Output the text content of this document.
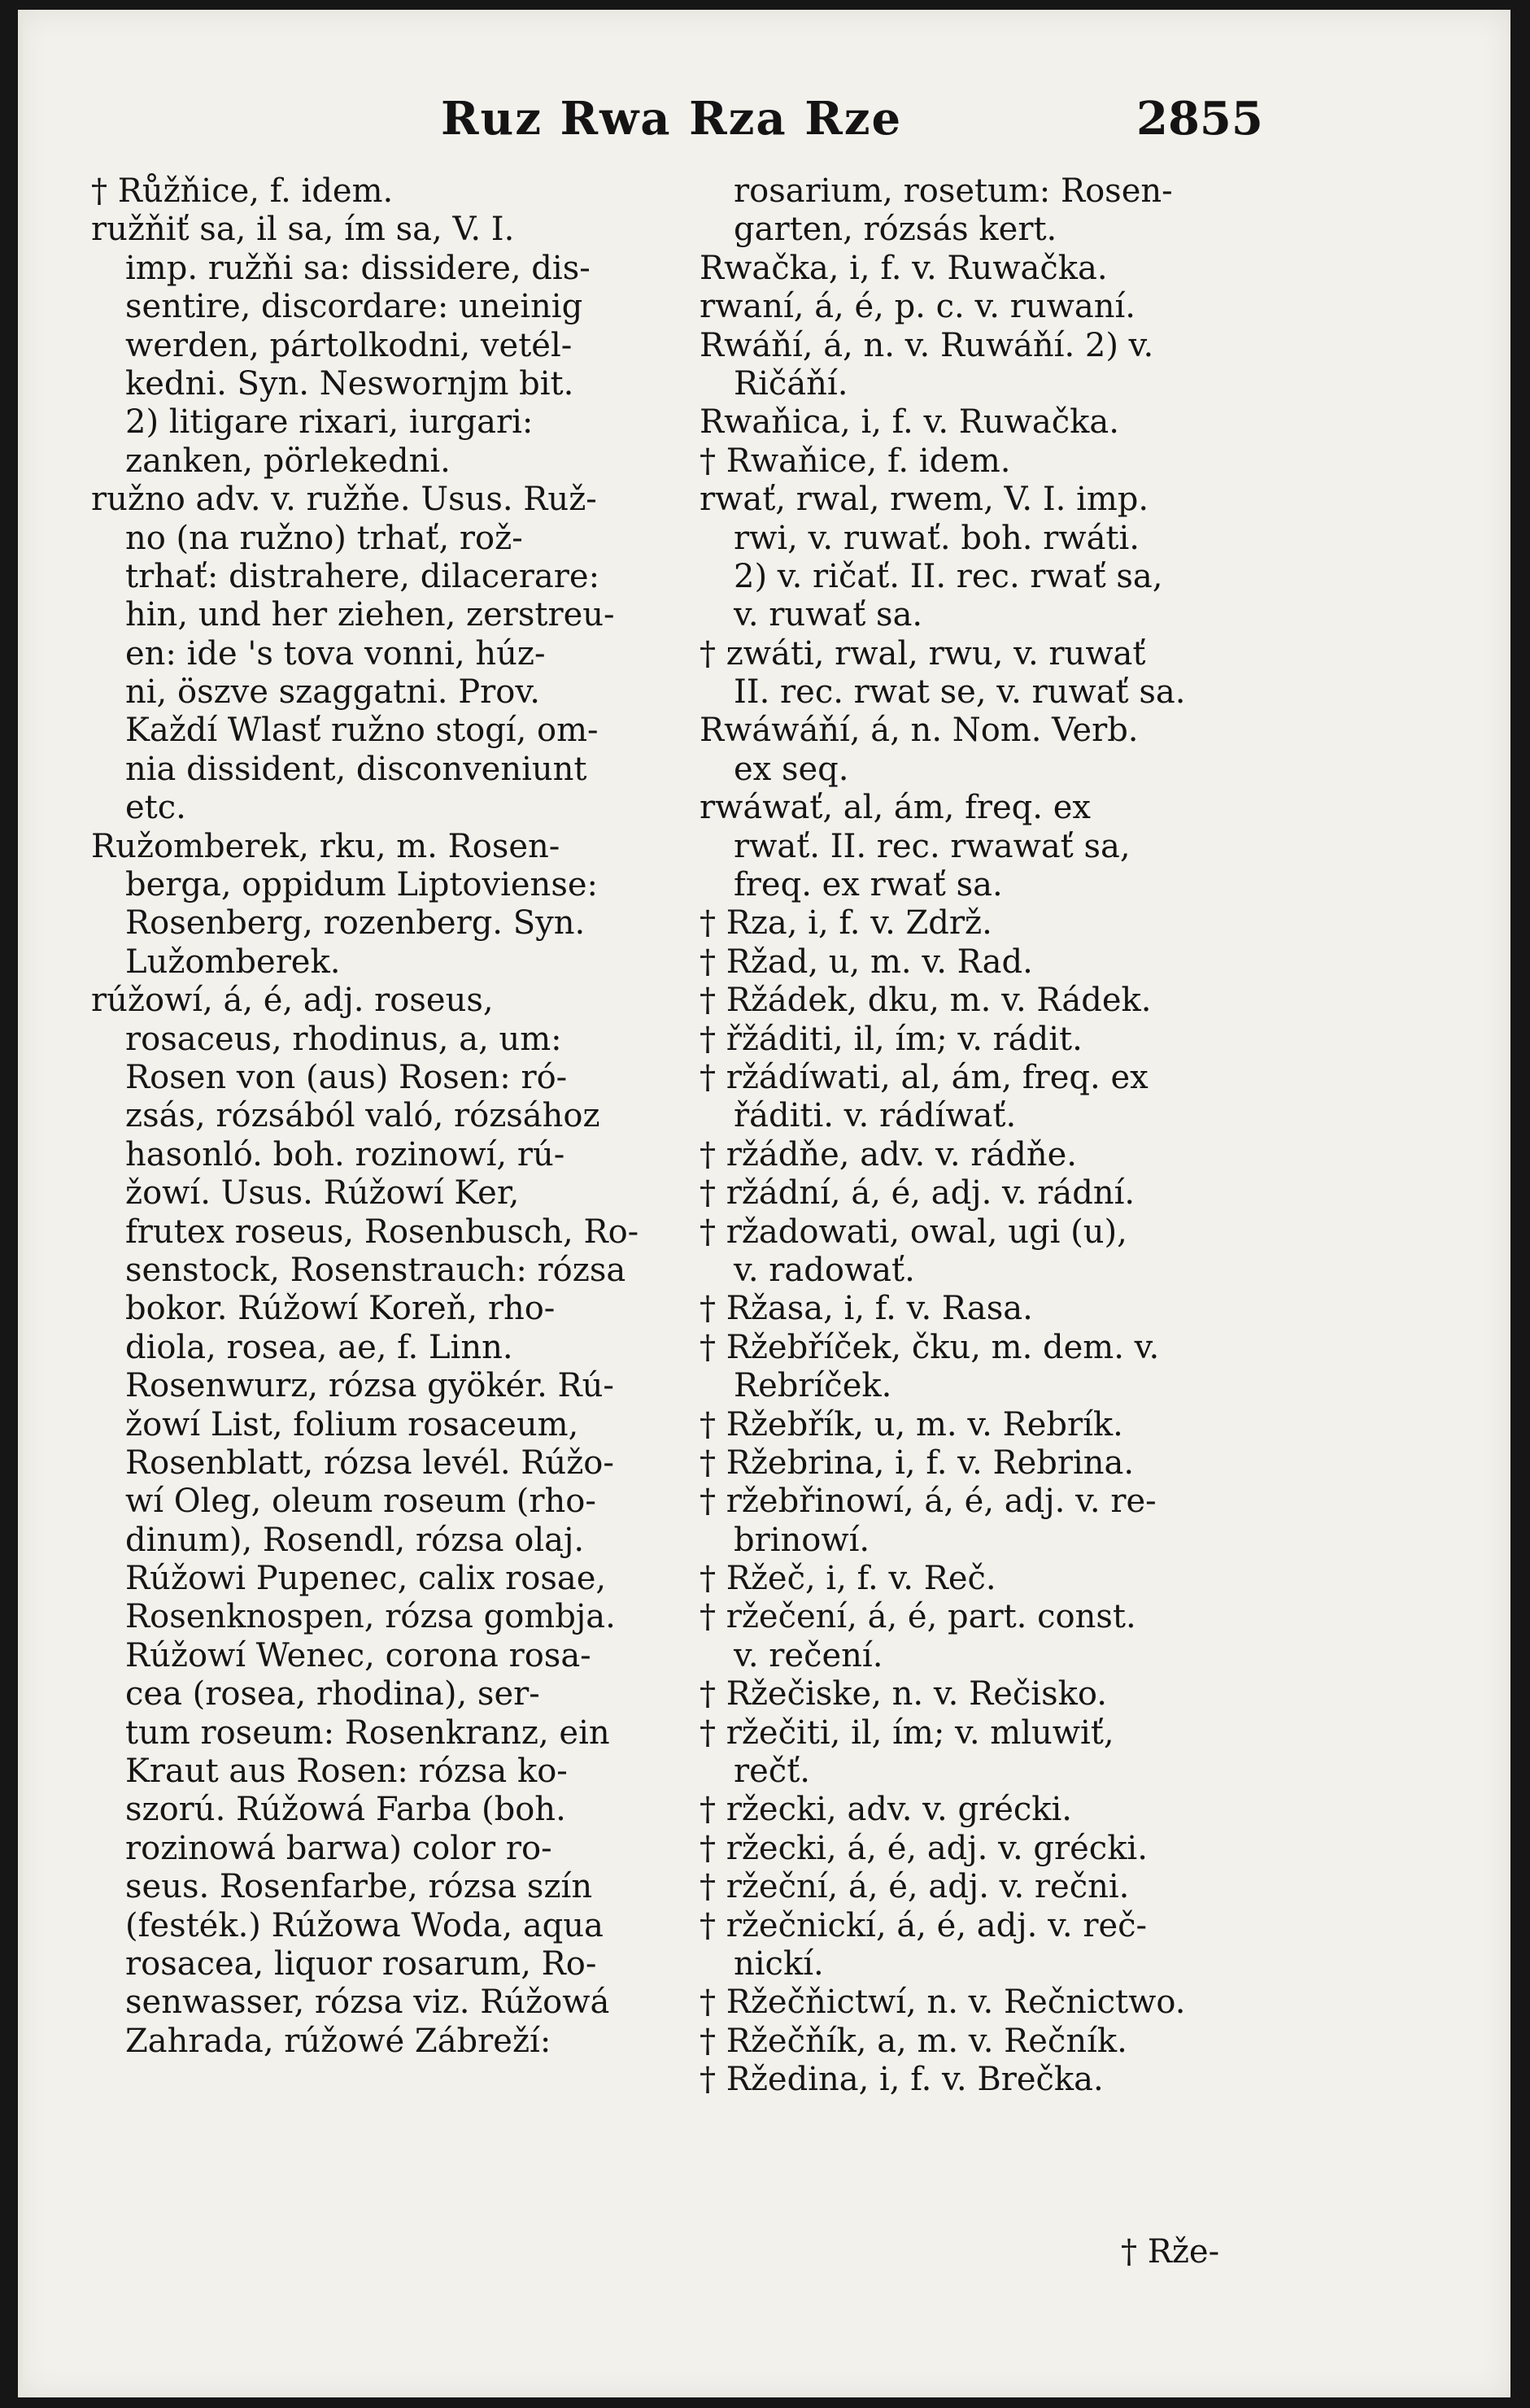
Ruz Rwa Rza Rze	2855
† Růžňice, f. idem.
ružňiť sa, il sa, ím sa, V. I.
imp. ružňi sa: dissidere, dis-
sentire, discordare: uneinig
werden, pártolkodni, vetél-
kedni. Syn. Neswornjm bit.
2) litigare rixari, iurgari:
zanken, pörlekedni.
ružno adv. v. ružňe. Usus. Ruž-
no (na ružno) trhať, rož-
trhať: distrahere, dilacerare:
hin, und her ziehen, zerstreu-
en: ide 's tova vonni, húz-
ni, öszve szaggatni. Prov.
Každí Wlasť ružno stogí, om-
nia dissident, disconveniunt
etc.
Ružomberek, rku, m. Rosen-
berga, oppidum Liptoviense:
Rosenberg, rozenberg. Syn.
Lužomberek.
rúžowí, á, é, adj. roseus,
rosaceus, rhodinus, a, um:
Rosen von (aus) Rosen: ró-
zsás, rózsából való, rózsához
hasonló. boh. rozinowí, rú-
žowí. Usus. Rúžowí Ker,
frutex roseus, Rosenbusch, Ro-
senstock, Rosenstrauch: rózsa
bokor. Rúžowí Koreň, rho-
diola, rosea, ae, f. Linn.
Rosenwurz, rózsa gyökér. Rú-
žowí List, folium rosaceum,
Rosenblatt, rózsa levél. Rúžo-
wí Oleg, oleum roseum (rho-
dinum), Rosendl, rózsa olaj.
Rúžowi Pupenec, calix rosae,
Rosenknospen, rózsa gombja.
Rúžowí Wenec, corona rosa-
cea (rosea, rhodina), ser-
tum roseum: Rosenkranz, ein
Kraut aus Rosen: rózsa ko-
szorú. Rúžowá Farba (boh.
rozinowá barwa) color ro-
seus. Rosenfarbe, rózsa szín
(festék.) Rúžowa Woda, aqua
rosacea, liquor rosarum, Ro-
senwasser, rózsa viz. Rúžowá
Zahrada, rúžowé Zábreží:
rosarium, rosetum: Rosen-
garten, rózsás kert.
Rwačka, i, f. v. Ruwačka.
rwaní, á, é, p. c. v. ruwaní.
Rwáňí, á, n. v. Ruwáňí. 2) v.
Ričáňí.
Rwaňica, i, f. v. Ruwačka.
† Rwaňice, f. idem.
rwať, rwal, rwem, V. I. imp.
rwi, v. ruwať. boh. rwáti.
2) v. ričať. II. rec. rwať sa,
v. ruwať sa.
† zwáti, rwal, rwu, v. ruwať
II. rec. rwat se, v. ruwať sa.
Rwáwáňí, á, n. Nom. Verb.
ex seq.
rwáwať, al, ám, freq. ex
rwať. II. rec. rwawať sa,
freq. ex rwať sa.
† Rza, i, f. v. Zdrž.
† Ržad, u, m. v. Rad.
† Ržádek, dku, m. v. Rádek.
† řžáditi, il, ím; v. rádit.
† ržádíwati, al, ám, freq. ex
řáditi. v. rádíwať.
† ržádňe, adv. v. rádňe.
† ržádní, á, é, adj. v. rádní.
† ržadowati, owal, ugi (u),
v. radowať.
† Ržasa, i, f. v. Rasa.
† Ržebříček, čku, m. dem. v.
Rebríček.
† Ržebřík, u, m. v. Rebrík.
† Ržebrina, i, f. v. Rebrina.
† ržebřinowí, á, é, adj. v. re-
brinowí.
† Ržeč, i, f. v. Reč.
† ržečení, á, é, part. const.
v. rečení.
† Ržečiske, n. v. Rečisko.
† ržečiti, il, ím; v. mluwiť,
rečť.
† ržecki, adv. v. grécki.
† ržecki, á, é, adj. v. grécki.
† ržeční, á, é, adj. v. rečni.
† ržečnickí, á, é, adj. v. reč-
nickí.
† Ržečňictwí, n. v. Rečnictwo.
† Ržečňík, a, m. v. Rečník.
† Ržedina, i, f. v. Brečka.
† Rže-
